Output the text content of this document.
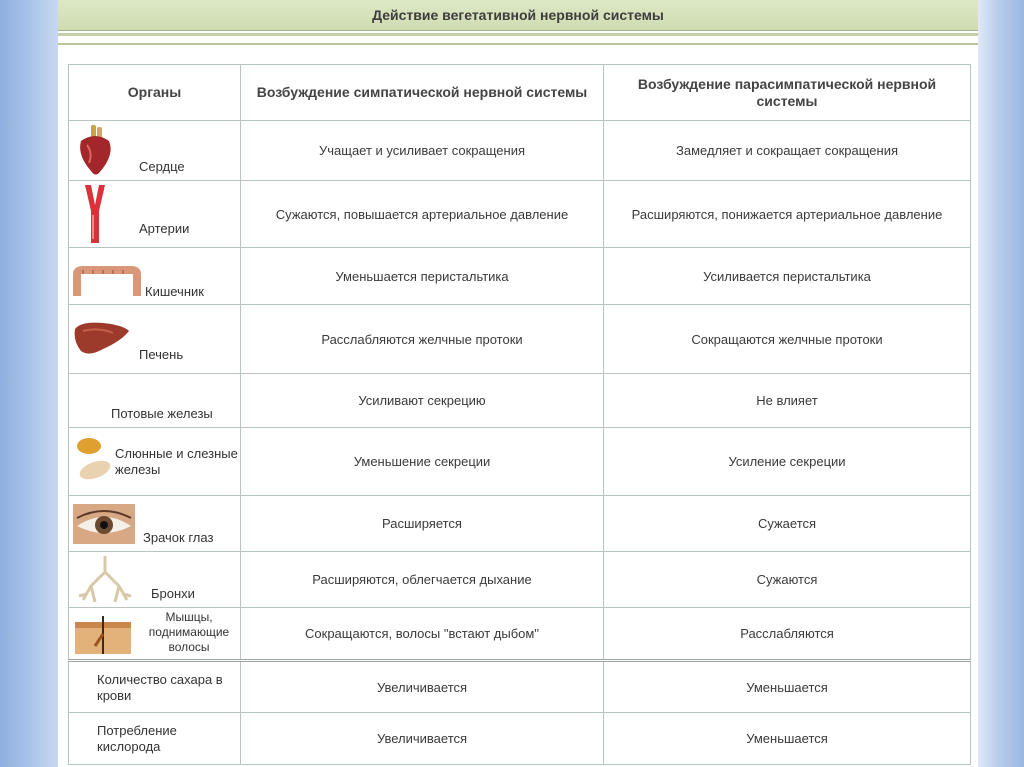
Действие вегетативной нервной системы
Органы	Возбуждение симпатической нервной системы	Возбуждение парасимпатической нервной системы

Сердце	Учащает и усиливает сокращения	Замедляет и сокращает сокращения

Артерии	Сужаются, повышается артериальное давление	Расширяются, понижается артериальное давление

Кишечник	Уменьшается перистальтика	Усиливается перистальтика

Печень	Расслабляются желчные протоки	Сокращаются желчные протоки

Потовые железы	Усиливают секрецию	Не влияет

Слюнные и слезные железы	Уменьшение секреции	Усиление секреции

Зрачок глаз	Расширяется	Сужается

Бронхи	Расширяются, облегчается дыхание	Сужаются

Мышцы, поднимающие волосы	Сокращаются, волосы "встают дыбом"	Расслабляются

Количество сахара в крови	Увеличивается	Уменьшается

Потребление кислорода	Увеличивается	Уменьшается
